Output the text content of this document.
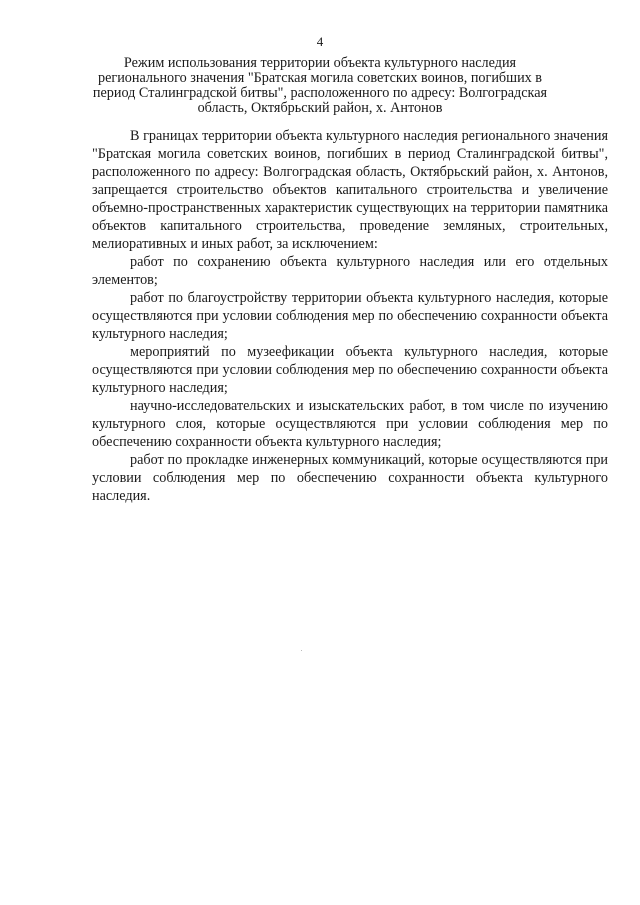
4
Режим использования территории объекта культурного наследия регионального значения "Братская могила советских воинов, погибших в период Сталинградской битвы", расположенного по адресу: Волгоградская область, Октябрьский район, х. Антонов

В границах территории объекта культурного наследия регионального значения "Братская могила советских воинов, погибших в период Сталинградской битвы", расположенного по адресу: Волгоградская область, Октябрьский район, х. Антонов, запрещается строительство объектов капитального строительства и увеличение объемно-пространственных характеристик существующих на территории памятника объектов капитального строительства, проведение земляных, строительных, мелиоративных и иных работ, за исключением:

работ по сохранению объекта культурного наследия или его отдельных элементов;

работ по благоустройству территории объекта культурного наследия, которые осуществляются при условии соблюдения мер по обеспечению сохранности объекта культурного наследия;

мероприятий по музеефикации объекта культурного наследия, которые осуществляются при условии соблюдения мер по обеспечению сохранности объекта культурного наследия;

научно-исследовательских и изыскательских работ, в том числе по изучению культурного слоя, которые осуществляются при условии соблюдения мер по обеспечению сохранности объекта культурного наследия;

работ по прокладке инженерных коммуникаций, которые осуществляются при условии соблюдения мер по обеспечению сохранности объекта культурного наследия.
